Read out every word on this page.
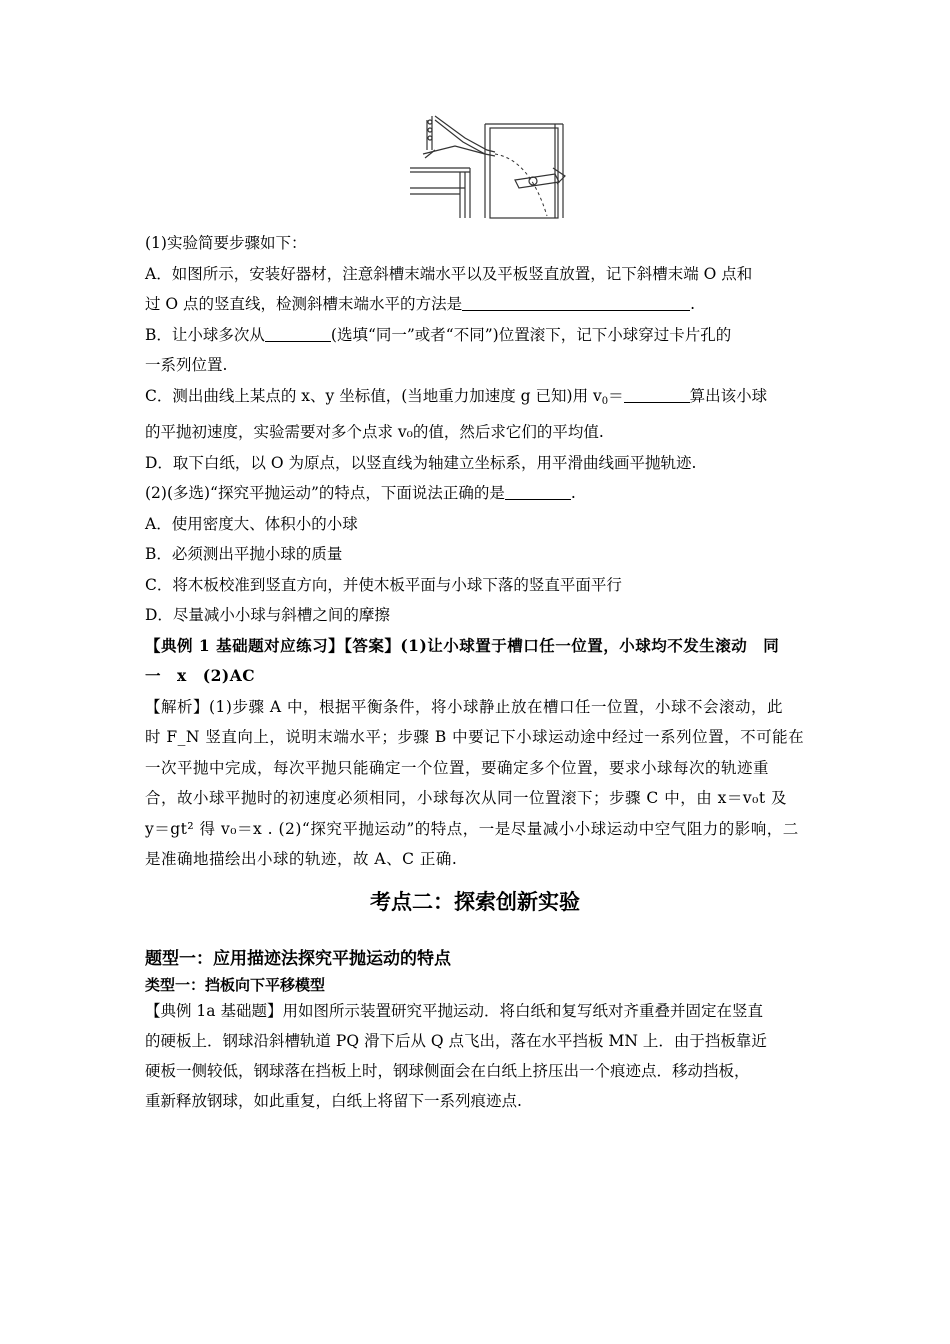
(1)实验简要步骤如下：

A．如图所示，安装好器材，注意斜槽末端水平以及平板竖直放置，记下斜槽末端 O 点和

过 O 点的竖直线，检测斜槽末端水平的方法是	.

B．让小球多次从	(选填“同一”或者“不同”)位置滚下，记下小球穿过卡片孔的

一系列位置.

C．测出曲线上某点的 x、y 坐标值，(当地重力加速度 g 已知)用 $v_0=$	算出该小球

的平抛初速度，实验需要对多个点求 v₀的值，然后求它们的平均值.

D．取下白纸，以 O 为原点，以竖直线为轴建立坐标系，用平滑曲线画平抛轨迹.

(2)(多选)“探究平抛运动”的特点，下面说法正确的是	.

A．使用密度大、体积小的小球

B．必须测出平抛小球的质量

C．将木板校准到竖直方向，并使木板平面与小球下落的竖直平面平行

D．尽量减小小球与斜槽之间的摩擦

【典例 1 基础题对应练习】【答案】(1)让小球置于槽口任一位置，小球均不发生滚动　同

一　x　(2)AC

【解析】(1)步骤 A 中，根据平衡条件，将小球静止放在槽口任一位置，小球不会滚动，此

时 F_N 竖直向上，说明末端水平；步骤 B 中要记下小球运动途中经过一系列位置，不可能在

一次平抛中完成，每次平抛只能确定一个位置，要确定多个位置，要求小球每次的轨迹重

合，故小球平抛时的初速度必须相同，小球每次从同一位置滚下；步骤 C 中，由 x＝v₀t 及

y＝gt² 得 v₀＝x . (2)“探究平抛运动”的特点，一是尽量减小小球运动中空气阻力的影响，二

是准确地描绘出小球的轨迹，故 A、C 正确.

考点二：探索创新实验

题型一：应用描迹法探究平抛运动的特点

类型一：挡板向下平移模型

【典例 1a 基础题】用如图所示装置研究平抛运动．将白纸和复写纸对齐重叠并固定在竖直

的硬板上．钢球沿斜槽轨道 PQ 滑下后从 Q 点飞出，落在水平挡板 MN 上．由于挡板靠近

硬板一侧较低，钢球落在挡板上时，钢球侧面会在白纸上挤压出一个痕迹点．移动挡板，

重新释放钢球，如此重复，白纸上将留下一系列痕迹点.
